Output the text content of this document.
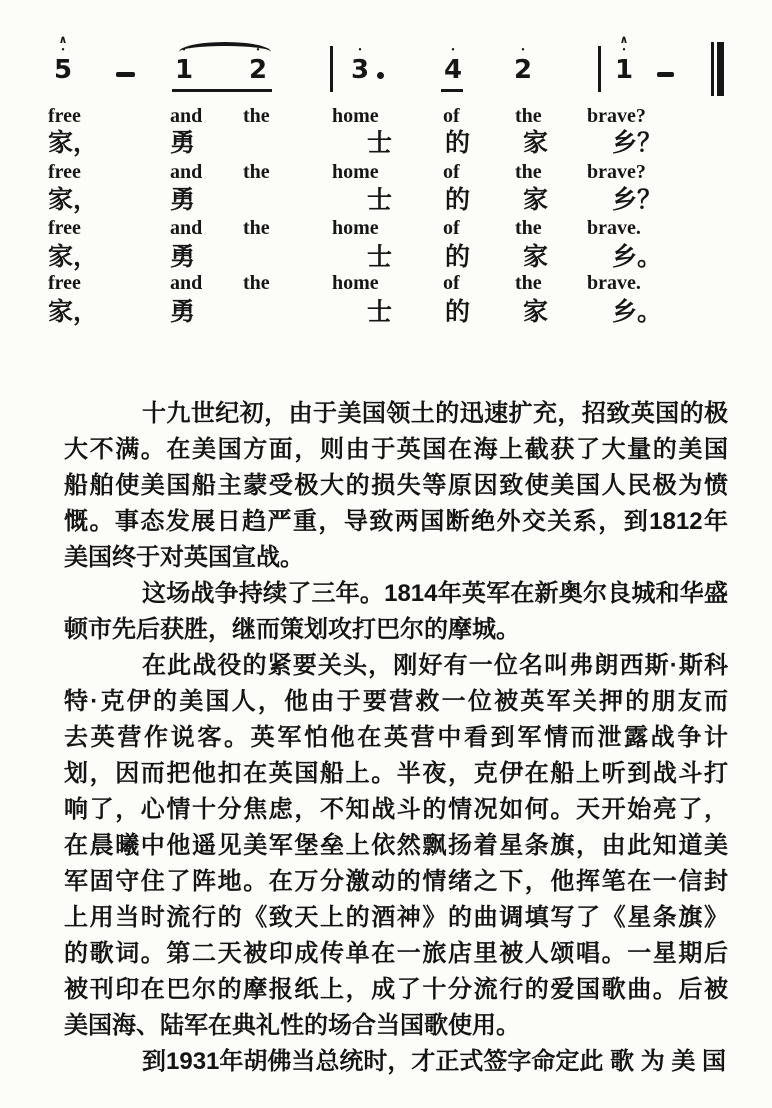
∧
•
5
•
1
•
2
•
3
•
4
•
2
∧
•
1
free	and the	home	of	the brave?
家，	勇	士 的 家	乡？
free	and the	home	of	the brave?
家，	勇	士 的 家	乡？
free	and the	home	of	the brave.
家，	勇	士 的 家	乡。
free	and the	home	of	the brave.
家，	勇	士 的 家	乡。
十九世纪初，由于美国领土的迅速扩充，招致英国的极
大不满。在美国方面，则由于英国在海上截获了大量的美国
船舶使美国船主蒙受极大的损失等原因致使美国人民极为愤
慨。事态发展日趋严重，导致两国断绝外交关系，到1812年
美国终于对英国宣战。
这场战争持续了三年。1814年英军在新奥尔良城和华盛
顿市先后获胜，继而策划攻打巴尔的摩城。
在此战役的紧要关头，刚好有一位名叫弗朗西斯·斯科
特·克伊的美国人，他由于要营救一位被英军关押的朋友而
去英营作说客。英军怕他在英营中看到军情而泄露战争计
划，因而把他扣在英国船上。半夜，克伊在船上听到战斗打
响了，心情十分焦虑，不知战斗的情况如何。天开始亮了，
在晨曦中他遥见美军堡垒上依然飘扬着星条旗，由此知道美
军固守住了阵地。在万分激动的情绪之下，他挥笔在一信封
上用当时流行的《致天上的酒神》的曲调填写了《星条旗》
的歌词。第二天被印成传单在一旅店里被人颂唱。一星期后
被刊印在巴尔的摩报纸上，成了十分流行的爱国歌曲。后被
美国海、陆军在典礼性的场合当国歌使用。
到1931年胡佛当总统时，才正式签字命定此 歌 为 美 国
